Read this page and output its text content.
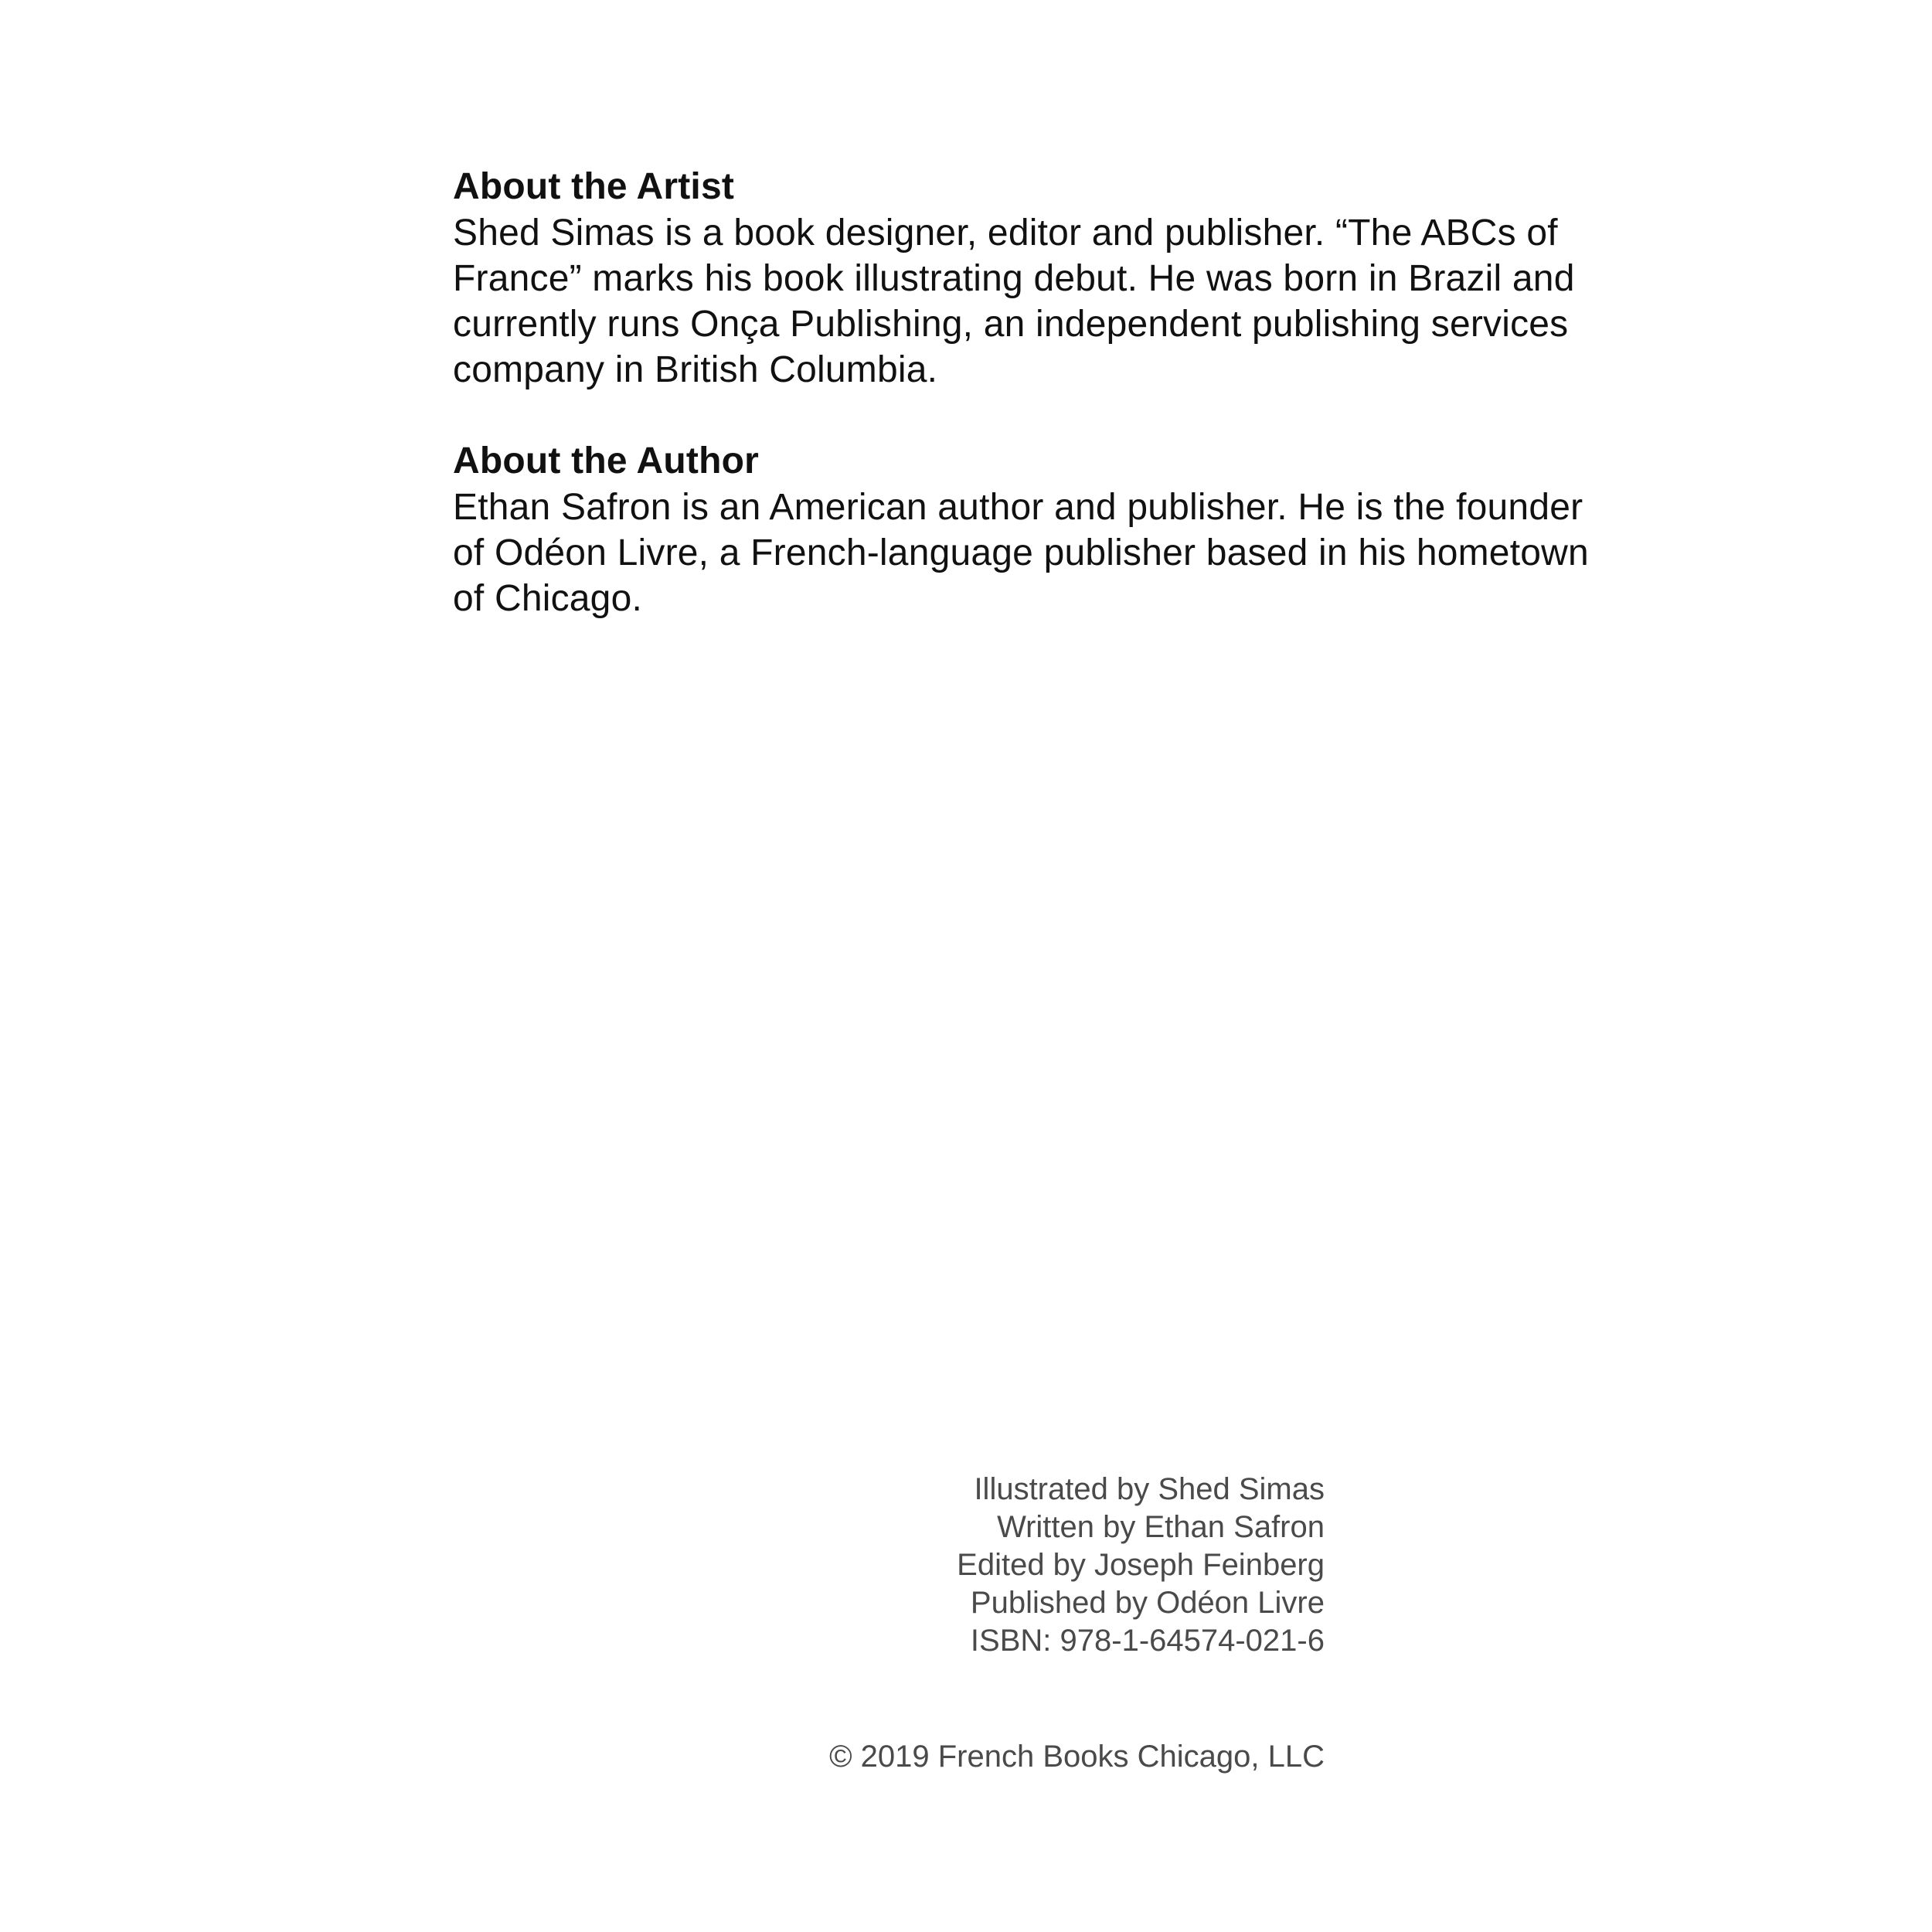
About the Artist
Shed Simas is a book designer, editor and publisher. “The ABCs of
France” marks his book illustrating debut. He was born in Brazil and
currently runs Onça Publishing, an independent publishing services
company in British Columbia.
About the Author
Ethan Safron is an American author and publisher. He is the founder
of Odéon Livre, a French-language publisher based in his hometown
of Chicago.
Illustrated by Shed Simas
Written by Ethan Safron
Edited by Joseph Feinberg
Published by Odéon Livre
ISBN: 978-1-64574-021-6
© 2019 French Books Chicago, LLC
